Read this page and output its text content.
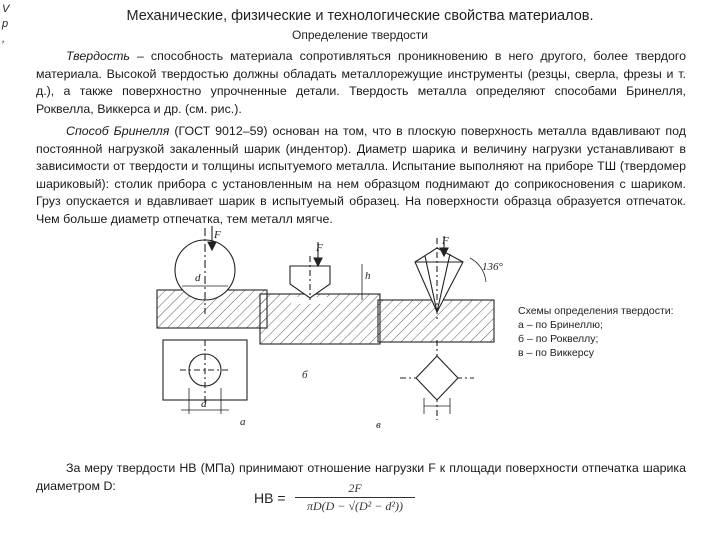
V
p
,
Механические, физические и технологические свойства материалов.
Определение твердости
Твердость – способность материала сопротивляться проникновению в него другого, более твердого материала. Высокой твердостью должны обладать металлорежущие инструменты (резцы, сверла, фрезы и т. д.), а также поверхностно упрочненные детали. Твердость металла определяют способами Бринелля, Роквелла, Виккерса и др. (см. рис.).
Способ Бринелля (ГОСТ 9012–59) основан на том, что в плоскую поверхность металла вдавливают под постоянной нагрузкой закаленный шарик (индентор). Диаметр шарика и величину нагрузки устанавливают в зависимости от твердости и толщины испытуемого металла. Испытание выполняют на приборе ТШ (твердомер шариковый): столик прибора с установленным на нем образцом поднимают до соприкосновения с шариком. Груз опускается и вдавливает шарик в испытуемый образец. На поверхности образца образуется отпечаток. Чем больше диаметр отпечатка, тем металл мягче.
F
F
F
d	h
136°
d
а
б
в
Схемы определения твердости:
а – по Бринеллю;
б – по Роквеллу;
в – по Виккерсу
За меру твердости HB (МПа) принимают отношение нагрузки F к площади поверхности отпечатка шарика диаметром D:
НВ = $\frac{2F}{\text{πD(D − √(D² − d²))}}$
